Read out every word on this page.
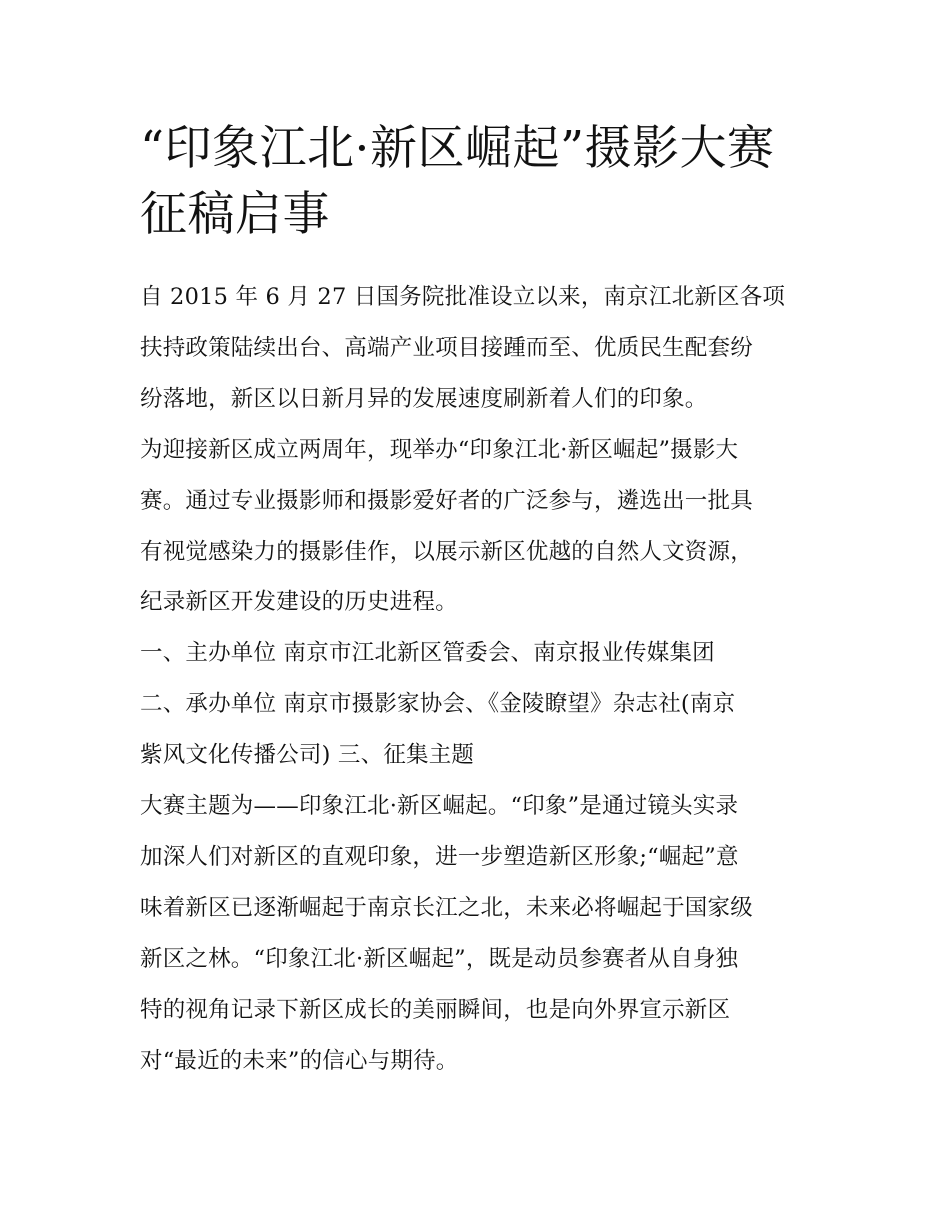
“印象江北·新区崛起”摄影大赛
征稿启事
自 2015 年 6 月 27 日国务院批准设立以来，南京江北新区各项
扶持政策陆续出台、高端产业项目接踵而至、优质民生配套纷
纷落地，新区以日新月异的发展速度刷新着人们的印象。
为迎接新区成立两周年，现举办“印象江北·新区崛起”摄影大
赛。通过专业摄影师和摄影爱好者的广泛参与，遴选出一批具
有视觉感染力的摄影佳作，以展示新区优越的自然人文资源，
纪录新区开发建设的历史进程。
一、主办单位 南京市江北新区管委会、南京报业传媒集团
二、承办单位 南京市摄影家协会、《金陵瞭望》杂志社(南京
紫风文化传播公司) 三、征集主题
大赛主题为——印象江北·新区崛起。“印象”是通过镜头实录
加深人们对新区的直观印象，进一步塑造新区形象;“崛起”意
味着新区已逐渐崛起于南京长江之北，未来必将崛起于国家级
新区之林。“印象江北·新区崛起”，既是动员参赛者从自身独
特的视角记录下新区成长的美丽瞬间，也是向外界宣示新区
对“最近的未来”的信心与期待。
